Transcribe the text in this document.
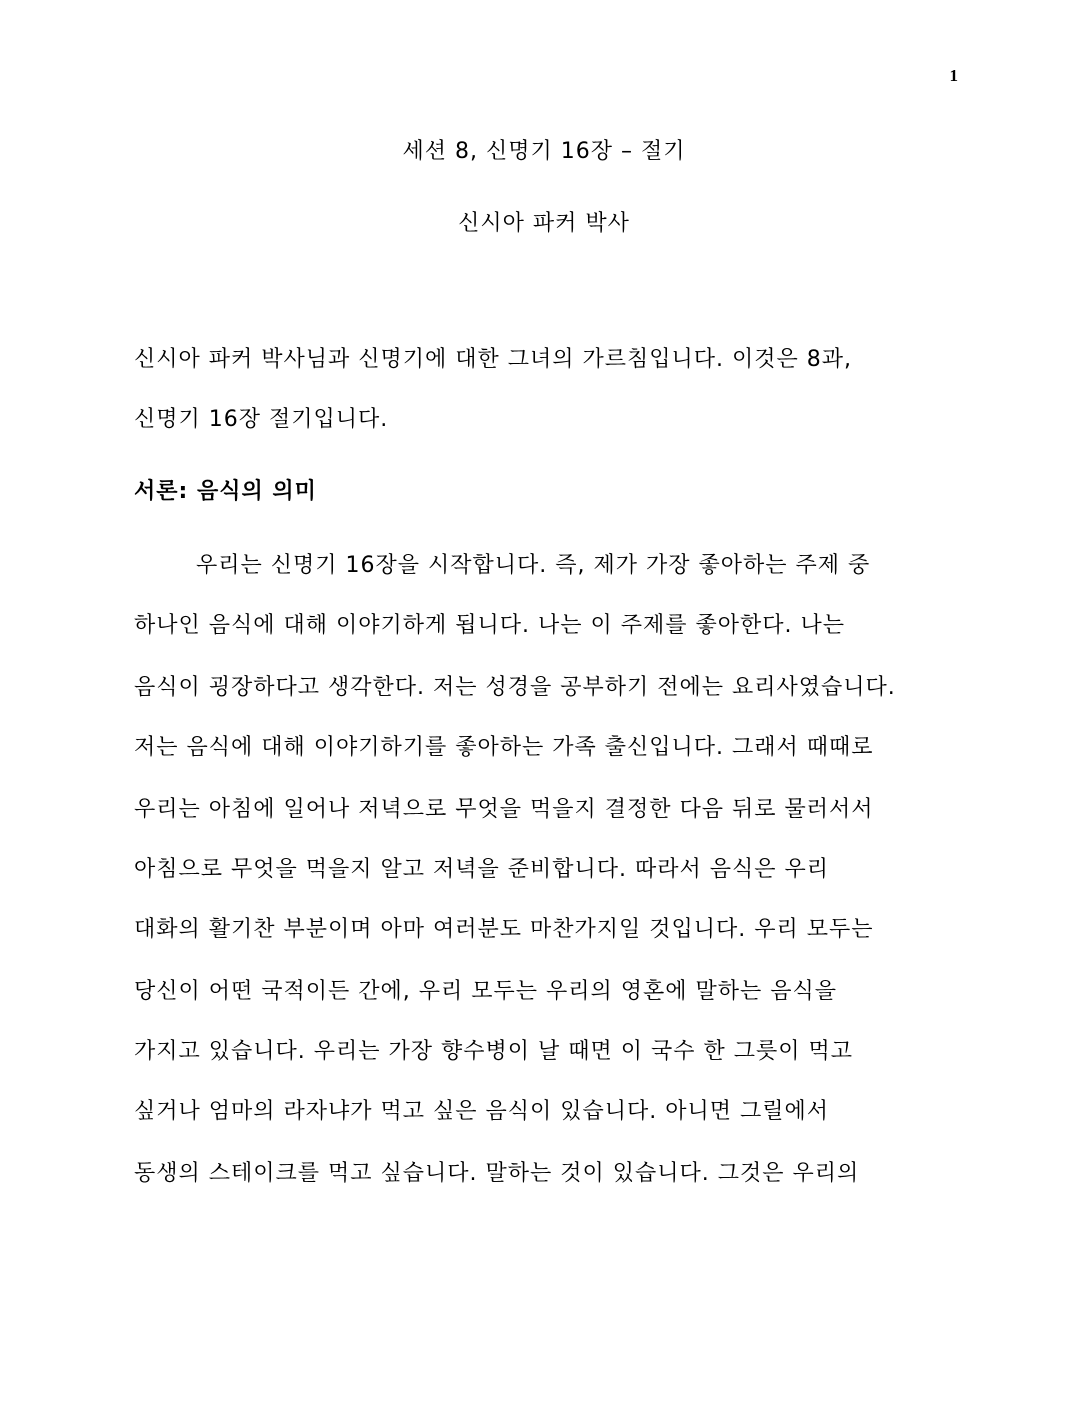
1
세션 8, 신명기 16장 – 절기
신시아 파커 박사
신시아 파커 박사님과 신명기에 대한 그녀의 가르침입니다. 이것은 8과,
신명기 16장 절기입니다.
서론: 음식의 의미
우리는 신명기 16장을 시작합니다. 즉, 제가 가장 좋아하는 주제 중
하나인 음식에 대해 이야기하게 됩니다. 나는 이 주제를 좋아한다. 나는
음식이 굉장하다고 생각한다. 저는 성경을 공부하기 전에는 요리사였습니다.
저는 음식에 대해 이야기하기를 좋아하는 가족 출신입니다. 그래서 때때로
우리는 아침에 일어나 저녁으로 무엇을 먹을지 결정한 다음 뒤로 물러서서
아침으로 무엇을 먹을지 알고 저녁을 준비합니다. 따라서 음식은 우리
대화의 활기찬 부분이며 아마 여러분도 마찬가지일 것입니다. 우리 모두는
당신이 어떤 국적이든 간에, 우리 모두는 우리의 영혼에 말하는 음식을
가지고 있습니다. 우리는 가장 향수병이 날 때면 이 국수 한 그릇이 먹고
싶거나 엄마의 라자냐가 먹고 싶은 음식이 있습니다. 아니면 그릴에서
동생의 스테이크를 먹고 싶습니다. 말하는 것이 있습니다. 그것은 우리의
